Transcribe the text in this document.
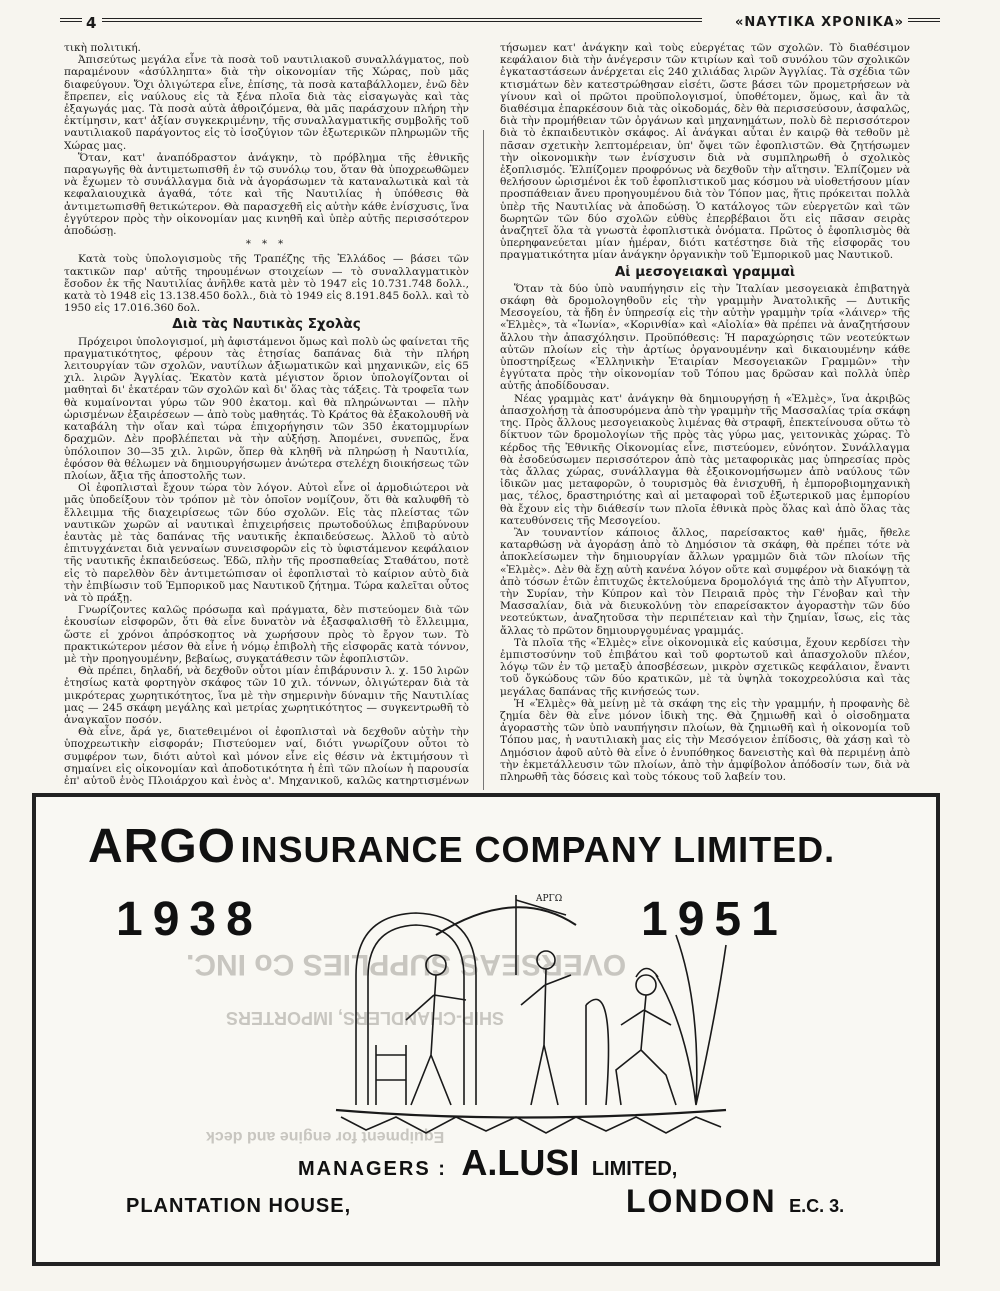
4	«ΝΑΥΤΙΚΑ ΧΡΟΝΙΚΑ»

τικὴ πολιτική.

Ἀπισεύτως μεγάλα εἶνε τὰ ποσὰ τοῦ ναυτιλιακοῦ συναλλάγματος, ποὺ παραμένουν «ἀσύλληπτα» διὰ τὴν οἰκονομίαν τῆς Χώρας, ποὺ μᾶς διαφεύγουν. Ὄχι ὀλιγώτερα εἶνε, ἐπίσης, τὰ ποσὰ καταβάλλομεν, ἐνῶ δὲν ἔπρεπεν, εἰς ναύλους εἰς τὰ ξένα πλοῖα διὰ τὰς εἰσαγωγὰς καὶ τὰς ἐξαγωγάς μας. Τὰ ποσὰ αὐτὰ ἀθροιζόμενα, θὰ μᾶς παράσχουν πλήρη τὴν ἐκτίμησιν, κατ' ἀξίαν συγκεκριμένην, τῆς συναλλαγματικῆς συμβολῆς τοῦ ναυτιλιακοῦ παράγοντος εἰς τὸ ἰσοζύγιον τῶν ἐξωτερικῶν πληρωμῶν τῆς Χώρας μας.

Ὅταν, κατ' ἀναπόδραστον ἀνάγκην, τὸ πρόβλημα τῆς ἐθνικῆς παραγωγῆς θὰ ἀντιμετωπισθῆ ἐν τῷ συνόλῳ του, ὅταν θὰ ὑποχρεωθῶμεν νὰ ἔχωμεν τὸ συνάλλαγμα διὰ νὰ ἀγοράσωμεν τὰ καταναλωτικὰ καὶ τὰ κεφαλαιουχικὰ ἀγαθά, τότε καὶ τῆς Ναυτιλίας ἡ ὑπόθεσις θὰ ἀντιμετωπισθῆ θετικώτερον. Θὰ παρασχεθῆ εἰς αὐτὴν κάθε ἐνίσχυσις, ἵνα ἐγγύτερον πρὸς τὴν οἰκονομίαν μας κινηθῆ καὶ ὑπὲρ αὐτῆς περισσότερον ἀποδώσῃ.

* * *

Κατὰ τοὺς ὑπολογισμοὺς τῆς Τραπέζης τῆς Ἑλλάδος — βάσει τῶν τακτικῶν παρ' αὐτῆς τηρουμένων στοιχείων — τὸ συναλλαγματικὸν ἔσοδον ἐκ τῆς Ναυτιλίας ἀνῆλθε κατὰ μὲν τὸ 1947 εἰς 10.731.748 δολλ., κατὰ τὸ 1948 εἰς 13.138.450 δολλ., διὰ τὸ 1949 εἰς 8.191.845 δολλ. καὶ τὸ 1950 εἰς 17.016.360 δολ.

Διὰ τὰς Ναυτικὰς Σχολὰς

Πρόχειροι ὑπολογισμοί, μὴ ἀφιστάμενοι ὅμως καὶ πολὺ ὡς φαίνεται τῆς πραγματικότητος, φέρουν τὰς ἐτησίας δαπάνας διὰ τὴν πλήρη λειτουργίαν τῶν σχολῶν, ναυτίλων ἀξιωματικῶν καὶ μηχανικῶν, εἰς 65 χιλ. λιρῶν Ἀγγλίας. Ἑκατὸν κατὰ μέγιστον ὅριον ὑπολογίζονται οἱ μαθηταὶ δι' ἑκατέραν τῶν σχολῶν καὶ δι' ὅλας τὰς τάξεις. Τὰ τροφεῖα των θὰ κυμαίνονται γύρω τῶν 900 ἑκατομ. καὶ θὰ πληρώνωνται — πλὴν ὡρισμένων ἐξαιρέσεων — ἀπὸ τοὺς μαθητάς. Τὸ Κράτος θὰ ἐξακολουθῆ νὰ καταβάλη τὴν οἵαν καὶ τώρα ἐπιχορήγησιν τῶν 350 ἑκατομμυρίων δραχμῶν. Δὲν προβλέπεται νὰ τὴν αὐξήσῃ. Ἀπομένει, συνεπῶς, ἕνα ὑπόλοιπον 30—35 χιλ. λιρῶν, ὅπερ θὰ κληθῆ νὰ πληρώσῃ ἡ Ναυτιλία, ἐφόσον θὰ θέλωμεν νὰ δημιουργήσωμεν ἀνώτερα στελέχη διοικήσεως τῶν πλοίων, ἄξια τῆς ἀποστολῆς των.

Οἱ ἐφοπλισταὶ ἔχουν τώρα τὸν λόγον. Αὐτοὶ εἶνε οἱ ἁρμοδιώτεροι νὰ μᾶς ὑποδείξουν τὸν τρόπον μὲ τὸν ὁποῖον νομίζουν, ὅτι θὰ καλυφθῆ τὸ ἔλλειμμα τῆς διαχειρίσεως τῶν δύο σχολῶν. Εἰς τὰς πλείστας τῶν ναυτικῶν χωρῶν αἱ ναυτικαὶ ἐπιχειρήσεις πρωτοδούλως ἐπιβαρύνουν ἑαυτὰς μὲ τὰς δαπάνας τῆς ναυτικῆς ἐκπαιδεύσεως. Ἀλλοῦ τὸ αὐτὸ ἐπιτυγχάνεται διὰ γενναίων συνεισφορῶν εἰς τὸ ὑφιστάμενον κεφάλαιον τῆς ναυτικῆς ἐκπαιδεύσεως. Ἐδῶ, πλὴν τῆς προσπαθείας Σταθάτου, ποτὲ εἰς τὸ παρελθὸν δὲν ἀντιμετώπισαν οἱ ἐφοπλισταὶ τὸ καίριον αὐτὸ διὰ τὴν ἐπιβίωσιν τοῦ Ἐμπορικοῦ μας Ναυτικοῦ ζήτημα. Τώρα καλεῖται οὗτος νὰ τὸ πράξῃ.

Γνωρίζοντες καλῶς πρόσωπα καὶ πράγματα, δὲν πιστεύομεν διὰ τῶν ἑκουσίων εἰσφορῶν, ὅτι θὰ εἶνε δυνατὸν νὰ ἐξασφαλισθῆ τὸ ἔλλειμμα, ὥστε εἰ χρόνοι ἀπρόσκοπτος νὰ χωρήσουν πρὸς τὸ ἔργον των. Τὸ πρακτικώτερον μέσον θὰ εἶνε ἡ νόμῳ ἐπιβολὴ τῆς εἰσφορᾶς κατὰ τόννον, μὲ τὴν προηγουμένην, βεβαίως, συγκατάθεσιν τῶν ἐφοπλιστῶν.

Θὰ πρέπει, δηλαδή, νὰ δεχθοῦν οὗτοι μίαν ἐπιβάρυνσιν λ. χ. 150 λιρῶν ἐτησίως κατὰ φορτηγὸν σκάφος τῶν 10 χιλ. τόννων, ὀλιγώτεραν διὰ τὰ μικρότερας χωρητικότητος, ἵνα μὲ τὴν σημερινὴν δύναμιν τῆς Ναυτιλίας μας — 245 σκάφη μεγάλης καὶ μετρίας χωρητικότητος — συγκεντρωθῆ τὸ ἀναγκαῖον ποσόν.

Θὰ εἶνε, ἄρά γε, διατεθειμένοι οἱ ἐφοπλισταὶ νὰ δεχθοῦν αὐτὴν τὴν ὑποχρεωτικὴν εἰσφοράν; Πιστεύομεν ναί, διότι γνωρίζουν οὗτοι τὸ συμφέρον των, διότι αὐτοὶ καὶ μόνον εἶνε εἰς θέσιν νὰ ἐκτιμήσουν τὶ σημαίνει εἰς οἰκονομίαν καὶ ἀποδοτικότητα ἡ ἐπὶ τῶν πλοίων ἡ παρουσία ἐπ' αὐτοῦ ἑνὸς Πλοιάρχου καὶ ἑνὸς α'. Μηχανικοῦ, καλῶς κατηρτισμένων

τήσωμεν κατ' ἀνάγκην καὶ τοὺς εὐεργέτας τῶν σχολῶν. Τὸ διαθέσιμον κεφάλαιον διὰ τὴν ἀνέγερσιν τῶν κτιρίων καὶ τοῦ συνόλου τῶν σχολικῶν ἐγκαταστάσεων ἀνέρχεται εἰς 240 χιλιάδας λιρῶν Ἀγγλίας. Τὰ σχέδια τῶν κτισμάτων δὲν κατεστρώθησαν εἰσέτι, ὥστε βάσει τῶν προμετρήσεων νὰ γίνουν καὶ οἱ πρῶτοι προϋπολογισμοί, ὑποθέτομεν, ὅμως, καὶ ἂν τὰ διαθέσιμα ἐπαρκέσουν διὰ τὰς οἰκοδομάς, δὲν θὰ περισσεύσουν, ἀσφαλῶς, διὰ τὴν προμήθειαν τῶν ὀργάνων καὶ μηχανημάτων, πολὺ δὲ περισσότερον διὰ τὸ ἐκπαιδευτικὸν σκάφος. Αἱ ἀνάγκαι αὗται ἐν καιρῷ θὰ τεθοῦν μὲ πᾶσαν σχετικὴν λεπτομέρειαν, ὑπ' ὄψει τῶν ἐφοπλιστῶν. Θὰ ζητήσωμεν τὴν οἰκονομικὴν των ἐνίσχυσιν διὰ νὰ συμπληρωθῆ ὁ σχολικὸς ἐξοπλισμός. Ἐλπίζομεν προφρόνως νὰ δεχθοῦν τὴν αἴτησιν. Ἐλπίζομεν νὰ θελήσουν ὡρισμένοι ἐκ τοῦ ἐφοπλιστικοῦ μας κόσμου νὰ υἱοθετήσουν μίαν προσπάθειαν ἄνευ προηγουμένου διὰ τὸν Τόπον μας, ἥτις πρόκειται πολλὰ ὑπὲρ τῆς Ναυτιλίας νὰ ἀποδώσῃ. Ὁ κατάλογος τῶν εὐεργετῶν καὶ τῶν δωρητῶν τῶν δύο σχολῶν εὐθὺς ἐπερβέβαιοι ὅτι εἰς πᾶσαν σειρὰς ἀναζητεῖ ὅλα τὰ γνωστὰ ἐφοπλιστικὰ ὀνόματα. Πρῶτος ὁ ἐφοπλισμὸς θὰ ὑπερηφανεύεται μίαν ἡμέραν, διότι κατέστησε διὰ τῆς εἰσφορᾶς του πραγματικότητα μίαν ἀνάγκην ὀργανικὴν τοῦ Ἐμπορικοῦ μας Ναυτικοῦ.

Αἱ μεσογειακαὶ γραμμαὶ

Ὅταν τὰ δύο ὑπὸ ναυπήγησιν εἰς τὴν Ἰταλίαν μεσογειακὰ ἐπιβατηγὰ σκάφη θὰ δρομολογηθοῦν εἰς τὴν γραμμὴν Ἀνατολικῆς — Δυτικῆς Μεσογείου, τὰ ἤδη ἐν ὑπηρεσίᾳ εἰς τὴν αὐτὴν γραμμὴν τρία «λάιvερ» τῆς «Ἑλμὲς», τὰ «Ἰωνία», «Κορινθία» καὶ «Αἰολία» θὰ πρέπει νὰ ἀναζητήσουν ἄλλου τὴν ἀπασχόλησιν. Προϋπόθεσις: Ἡ παραχώρησις τῶν νεοτεύκτων αὐτῶν πλοίων εἰς τὴν ἀρτίως ὀργανουμένην καὶ δικαιουμένην κάθε ὑποστηρίξεως «Ἑλληνικὴν Ἑταιρίαν Μεσογειακῶν Γραμμῶν» τὴν ἐγγύτατα πρὸς τὴν οἰκονομίαν τοῦ Τόπου μας δρῶσαν καὶ πολλὰ ὑπὲρ αὐτῆς ἀποδίδουσαν.

Νέας γραμμὰς κατ' ἀνάγκην θὰ δημιουργήσῃ ἡ «Ἑλμὲς», ἵνα ἀκριβῶς ἀπασχολήσῃ τὰ ἀποσυρόμενα ἀπὸ τὴν γραμμὴν τῆς Μασσαλίας τρία σκάφη της. Πρὸς ἄλλους μεσογειακοὺς λιμένας θὰ στραφῆ, ἐπεκτείνουσα οὕτω τὸ δίκτυον τῶν δρομολογίων τῆς πρὸς τὰς γύρω μας, γειτονικὰς χώρας. Τὸ κέρδος τῆς Ἐθνικῆς Οἰκονομίας εἶνε, πιστεύομεν, εὐνόητον. Συνάλλαγμα θὰ ἐσοδεύσωμεν περισσότερον ἀπὸ τὰς μεταφορικὰς μας ὑπηρεσίας πρὸς τὰς ἄλλας χώρας, συνάλλαγμα θὰ ἐξοικονομήσωμεν ἀπὸ ναύλους τῶν ἰδικῶν μας μεταφορῶν, ὁ τουρισμὸς θὰ ἐνισχυθῆ, ἡ ἐμποροβιομηχανικὴ μας, τέλος, δραστηριότης καὶ αἱ μεταφοραὶ τοῦ ἐξωτερικοῦ μας ἐμπορίου θὰ ἔχουν εἰς τὴν διάθεσίν των πλοῖα ἐθνικὰ πρὸς ὅλας καὶ ἀπὸ ὅλας τὰς κατευθύνσεις τῆς Μεσογείου.

Ἂν τουναντίον κάποιος ἄλλος, παρείσακτος καθ' ἡμᾶς, ἤθελε καταρθώσῃ νὰ ἀγοράσῃ ἀπὸ τὸ Δημόσιον τὰ σκάφη, θὰ πρέπει τότε νὰ ἀποκλείσωμεν τὴν δημιουργίαν ἄλλων γραμμῶν διὰ τῶν πλοίων τῆς «Ἑλμὲς». Δὲν θὰ ἔχῃ αὐτὴ κανένα λόγον οὔτε καὶ συμφέρον νὰ διακόψῃ τὰ ἀπὸ τόσων ἐτῶν ἐπιτυχῶς ἐκτελούμενα δρομολόγιά της ἀπὸ τὴν Αἴγυπτον, τὴν Συρίαν, τὴν Κύπρον καὶ τὸν Πειραιᾶ πρὸς τὴν Γένοβαν καὶ τὴν Μασσαλίαν, διὰ νὰ διευκολύνῃ τὸν επαρείσακτον ἀγοραστὴν τῶν δύο νεοτεύκτων, ἀναζητοῦσα τὴν περιπέτειαν καὶ τὴν ζημίαν, ἴσως, εἰς τὰς ἄλλας τὸ πρῶτον δημιουργουμένας γραμμάς.

Τὰ πλοῖα τῆς «Ἑλμὲς» εἶνε οἰκονομικὰ εἰς καύσιμα, ἔχουν κερδίσει τὴν ἐμπιστοσύνην τοῦ ἐπιβάτου καὶ τοῦ φορτωτοῦ καὶ ἀπασχολοῦν πλέον, λόγῳ τῶν ἐν τῷ μεταξὺ ἀποσβέσεων, μικρὸν σχετικῶς κεφάλαιον, ἔναντι τοῦ ὄγκώδους τῶν δύο κρατικῶν, μὲ τὰ ὑψηλὰ τοκοχρεολύσια καὶ τὰς μεγάλας δαπάνας τῆς κινήσεώς των.

Ἡ «Ἑλμὲς» θὰ μείνῃ μὲ τὰ σκάφη της εἰς τὴν γραμμήν, ἡ προφανὴς δὲ ζημία δὲν θὰ εἶνε μόνον ἰδικὴ της. Θὰ ζημιωθῆ καὶ ὁ οἰσοδηματα ἀγοραστὴς τῶν ὑπὸ ναυπήγησιν πλοίων, θὰ ζημιωθῆ καὶ ἡ οἰκονομία τοῦ Τόπου μας, ἡ ναυτιλιακὴ μας εἰς τὴν Μεσόγειον ἐπίδοσις, θὰ χάσῃ καὶ τὸ Δημόσιον ἀφοῦ αὐτὸ θὰ εἶνε ὁ ἐνυπόθηκος δανειστὴς καὶ θὰ περιμένῃ ἀπὸ τὴν ἐκμετάλλευσιν τῶν πλοίων, ἀπὸ τὴν ἀμφίβολον ἀπόδοσίν των, διὰ νὰ πληρωθῆ τὰς δόσεις καὶ τοὺς τόκους τοῦ λαβείν του.

OVERSEAS SUPPLIES Co INC.
SHIP-CHANDLERS, IMPORTERS
Equipment for engine and deck
ARGO INSURANCE COMPANY LIMITED.
1938	1951
ΑΡΓΩ
MANAGERS : A.LUSI LIMITED,
PLANTATION HOUSE,	LONDON E.C. 3.
